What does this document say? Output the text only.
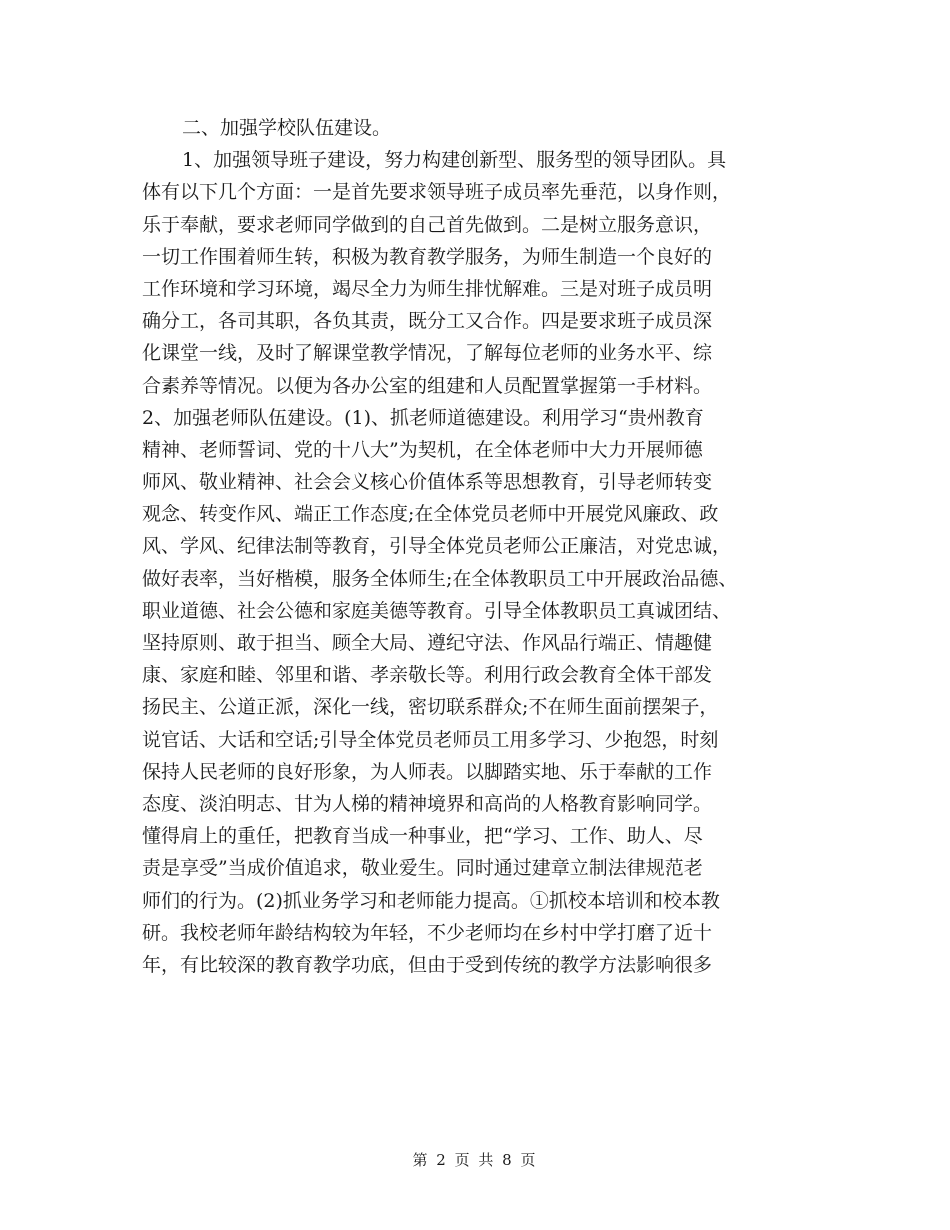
二、加强学校队伍建设。
1、加强领导班子建设，努力构建创新型、服务型的领导团队。具
体有以下几个方面：一是首先要求领导班子成员率先垂范，以身作则，
乐于奉献，要求老师同学做到的自己首先做到。二是树立服务意识，
一切工作围着师生转，积极为教育教学服务，为师生制造一个良好的
工作环境和学习环境，竭尽全力为师生排忧解难。三是对班子成员明
确分工，各司其职，各负其责，既分工又合作。四是要求班子成员深
化课堂一线，及时了解课堂教学情况，了解每位老师的业务水平、综
合素养等情况。以便为各办公室的组建和人员配置掌握第一手材料。
2、加强老师队伍建设。(1)、抓老师道德建设。利用学习“贵州教育
精神、老师誓词、党的十八大”为契机，在全体老师中大力开展师德
师风、敬业精神、社会会义核心价值体系等思想教育，引导老师转变
观念、转变作风、端正工作态度;在全体党员老师中开展党风廉政、政
风、学风、纪律法制等教育，引导全体党员老师公正廉洁，对党忠诚，
做好表率，当好楷模，服务全体师生;在全体教职员工中开展政治品德、
职业道德、社会公德和家庭美德等教育。引导全体教职员工真诚团结、
坚持原则、敢于担当、顾全大局、遵纪守法、作风品行端正、情趣健
康、家庭和睦、邻里和谐、孝亲敬长等。利用行政会教育全体干部发
扬民主、公道正派，深化一线，密切联系群众;不在师生面前摆架子，
说官话、大话和空话;引导全体党员老师员工用多学习、少抱怨，时刻
保持人民老师的良好形象，为人师表。以脚踏实地、乐于奉献的工作
态度、淡泊明志、甘为人梯的精神境界和高尚的人格教育影响同学。
懂得肩上的重任，把教育当成一种事业，把“学习、工作、助人、尽
责是享受”当成价值追求，敬业爱生。同时通过建章立制法律规范老
师们的行为。(2)抓业务学习和老师能力提高。①抓校本培训和校本教
研。我校老师年龄结构较为年轻，不少老师均在乡村中学打磨了近十
年，有比较深的教育教学功底，但由于受到传统的教学方法影响很多
第 2 页 共 8 页
